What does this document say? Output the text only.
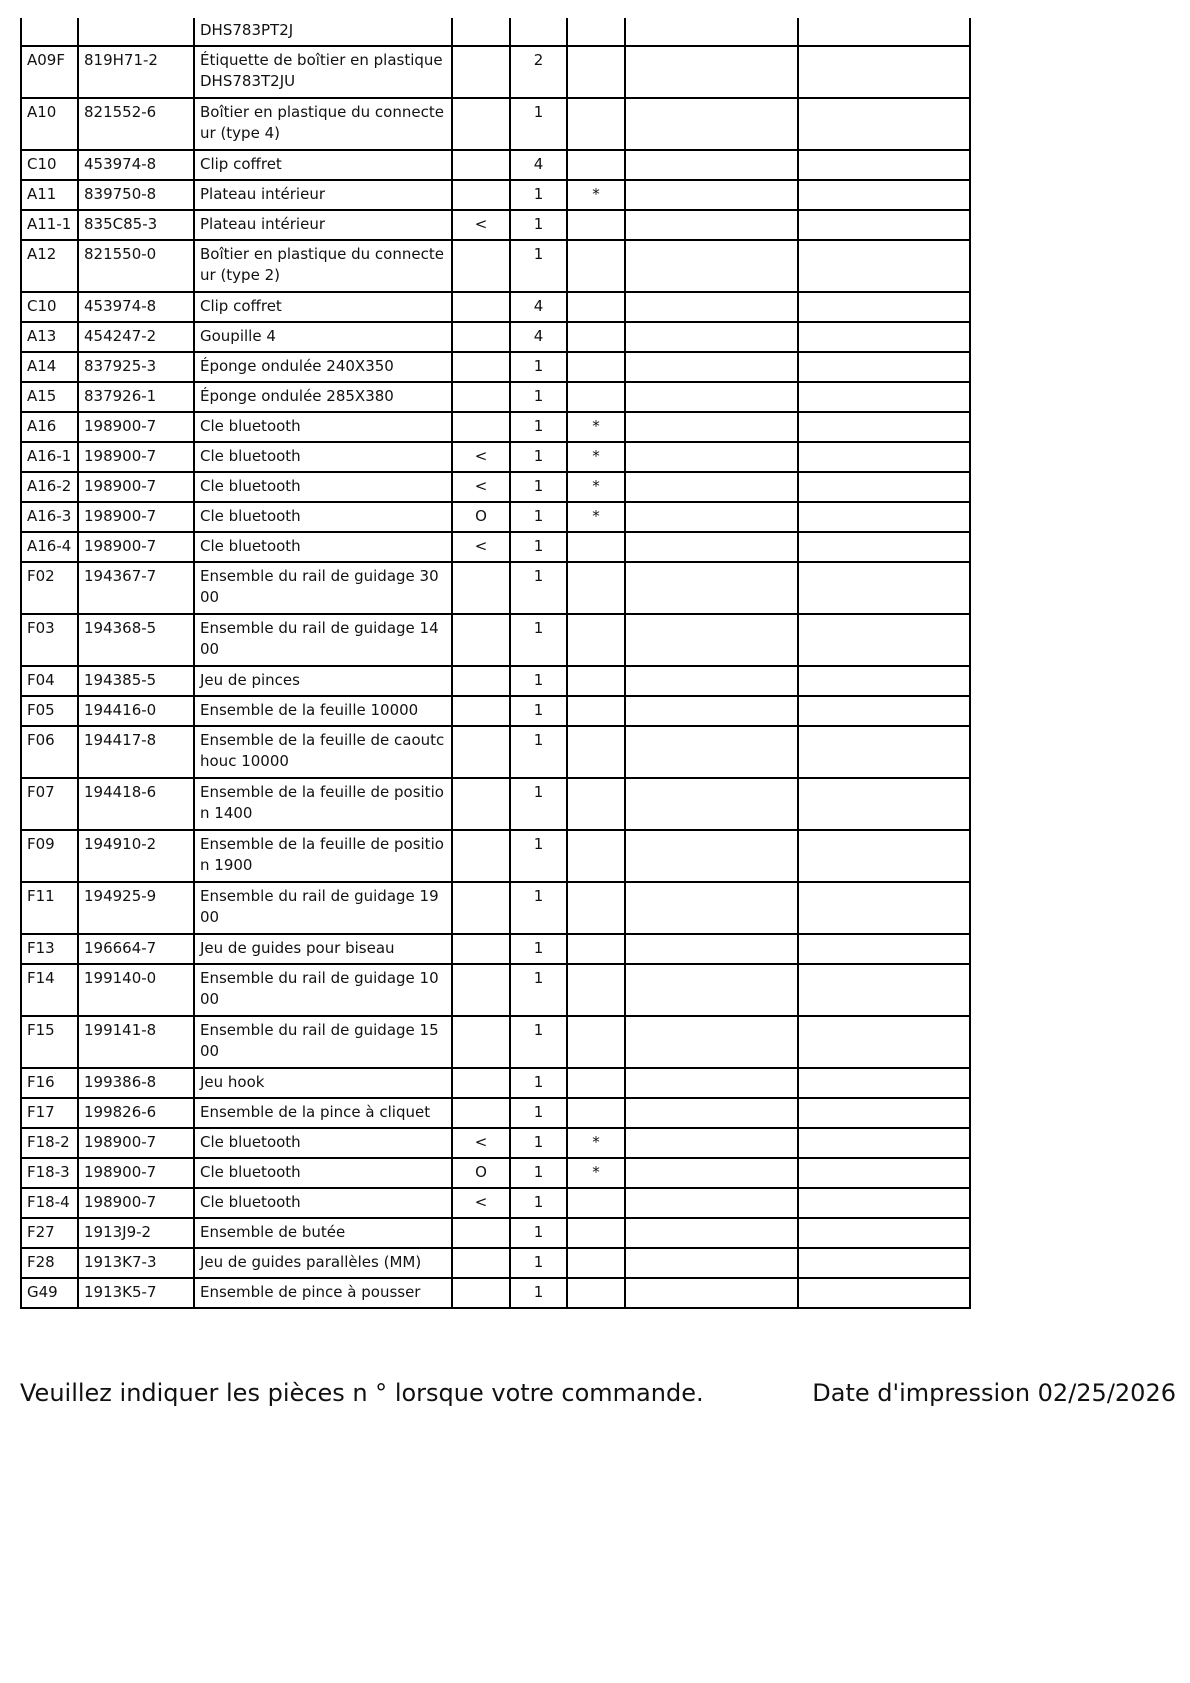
		DHS783PT2J					
A09F	819H71-2	Étiquette de boîtier en plastique DHS783T2JU		2			
A10	821552-6	Boîtier en plastique du connecteur (type 4)		1			
C10	453974-8	Clip coffret		4			
A11	839750-8	Plateau intérieur		1	*		
A11-1	835C85-3	Plateau intérieur	<	1			
A12	821550-0	Boîtier en plastique du connecteur (type 2)		1			
C10	453974-8	Clip coffret		4			
A13	454247-2	Goupille 4		4			
A14	837925-3	Éponge ondulée 240X350		1			
A15	837926-1	Éponge ondulée 285X380		1			
A16	198900-7	Cle bluetooth		1	*		
A16-1	198900-7	Cle bluetooth	<	1	*		
A16-2	198900-7	Cle bluetooth	<	1	*		
A16-3	198900-7	Cle bluetooth	O	1	*		
A16-4	198900-7	Cle bluetooth	<	1			
F02	194367-7	Ensemble du rail de guidage 3000		1			
F03	194368-5	Ensemble du rail de guidage 1400		1			
F04	194385-5	Jeu de pinces		1			
F05	194416-0	Ensemble de la feuille 10000		1			
F06	194417-8	Ensemble de la feuille de caoutchouc 10000		1			
F07	194418-6	Ensemble de la feuille de position 1400		1			
F09	194910-2	Ensemble de la feuille de position 1900		1			
F11	194925-9	Ensemble du rail de guidage 1900		1			
F13	196664-7	Jeu de guides pour biseau		1			
F14	199140-0	Ensemble du rail de guidage 1000		1			
F15	199141-8	Ensemble du rail de guidage 1500		1			
F16	199386-8	Jeu hook		1			
F17	199826-6	Ensemble de la pince à cliquet		1			
F18-2	198900-7	Cle bluetooth	<	1	*		
F18-3	198900-7	Cle bluetooth	O	1	*		
F18-4	198900-7	Cle bluetooth	<	1			
F27	1913J9-2	Ensemble de butée		1			
F28	1913K7-3	Jeu de guides parallèles (MM)		1			
G49	1913K5-7	Ensemble de pince à pousser		1			
Veuillez indiquer les pièces n ° lorsque votre commande.	Date d'impression 02/25/2026
